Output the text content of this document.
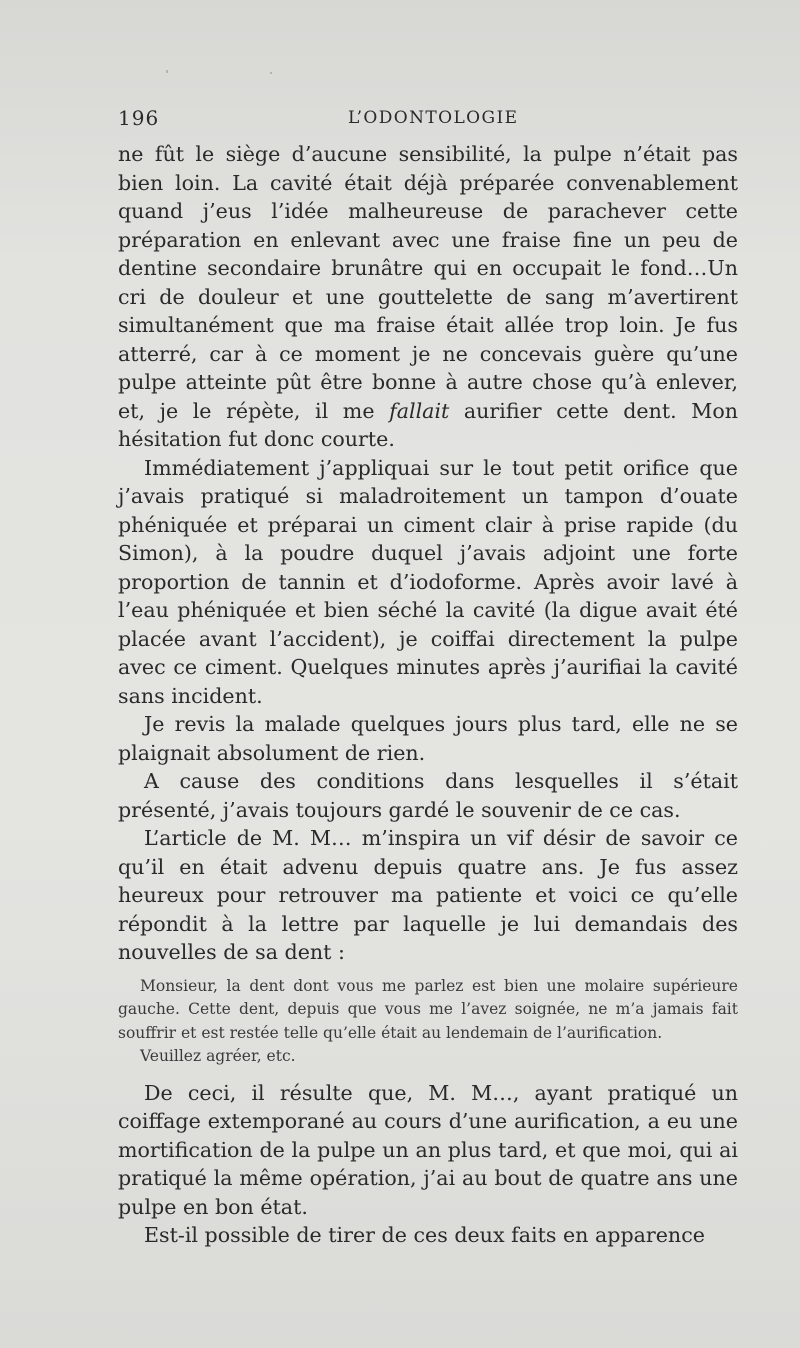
196	L’ODONTOLOGIE

ne fût le siège d’aucune sensibilité, la pulpe n’était pas bien loin. La cavité était déjà préparée convenablement quand j’eus l’idée malheureuse de parachever cette préparation en enlevant avec une fraise fine un peu de dentine secondaire brunâtre qui en occupait le fond…Un cri de douleur et une gouttelette de sang m’avertirent simultanément que ma fraise était allée trop loin. Je fus atterré, car à ce moment je ne concevais guère qu’une pulpe atteinte pût être bonne à autre chose qu’à enlever, et, je le répète, il me fallait aurifier cette dent. Mon hésitation fut donc courte.

Immédiatement j’appliquai sur le tout petit orifice que j’avais pratiqué si maladroitement un tampon d’ouate phéniquée et préparai un ciment clair à prise rapide (du Simon), à la poudre duquel j’avais adjoint une forte proportion de tannin et d’iodoforme. Après avoir lavé à l’eau phéniquée et bien séché la cavité (la digue avait été placée avant l’accident), je coiffai directement la pulpe avec ce ciment. Quelques minutes après j’aurifiai la cavité sans incident.

Je revis la malade quelques jours plus tard, elle ne se plaignait absolument de rien.

A cause des conditions dans lesquelles il s’était présenté, j’avais toujours gardé le souvenir de ce cas.

L’article de M. M… m’inspira un vif désir de savoir ce qu’il en était advenu depuis quatre ans. Je fus assez heureux pour retrouver ma patiente et voici ce qu’elle répondit à la lettre par laquelle je lui demandais des nouvelles de sa dent :

Monsieur, la dent dont vous me parlez est bien une molaire supérieure gauche. Cette dent, depuis que vous me l’avez soignée, ne m’a jamais fait souffrir et est restée telle qu’elle était au lendemain de l’aurification.

Veuillez agréer, etc.

De ceci, il résulte que, M. M…, ayant pratiqué un coiffage extemporané au cours d’une aurification, a eu une mortification de la pulpe un an plus tard, et que moi, qui ai pratiqué la même opération, j’ai au bout de quatre ans une pulpe en bon état.

Est-il possible de tirer de ces deux faits en apparence
